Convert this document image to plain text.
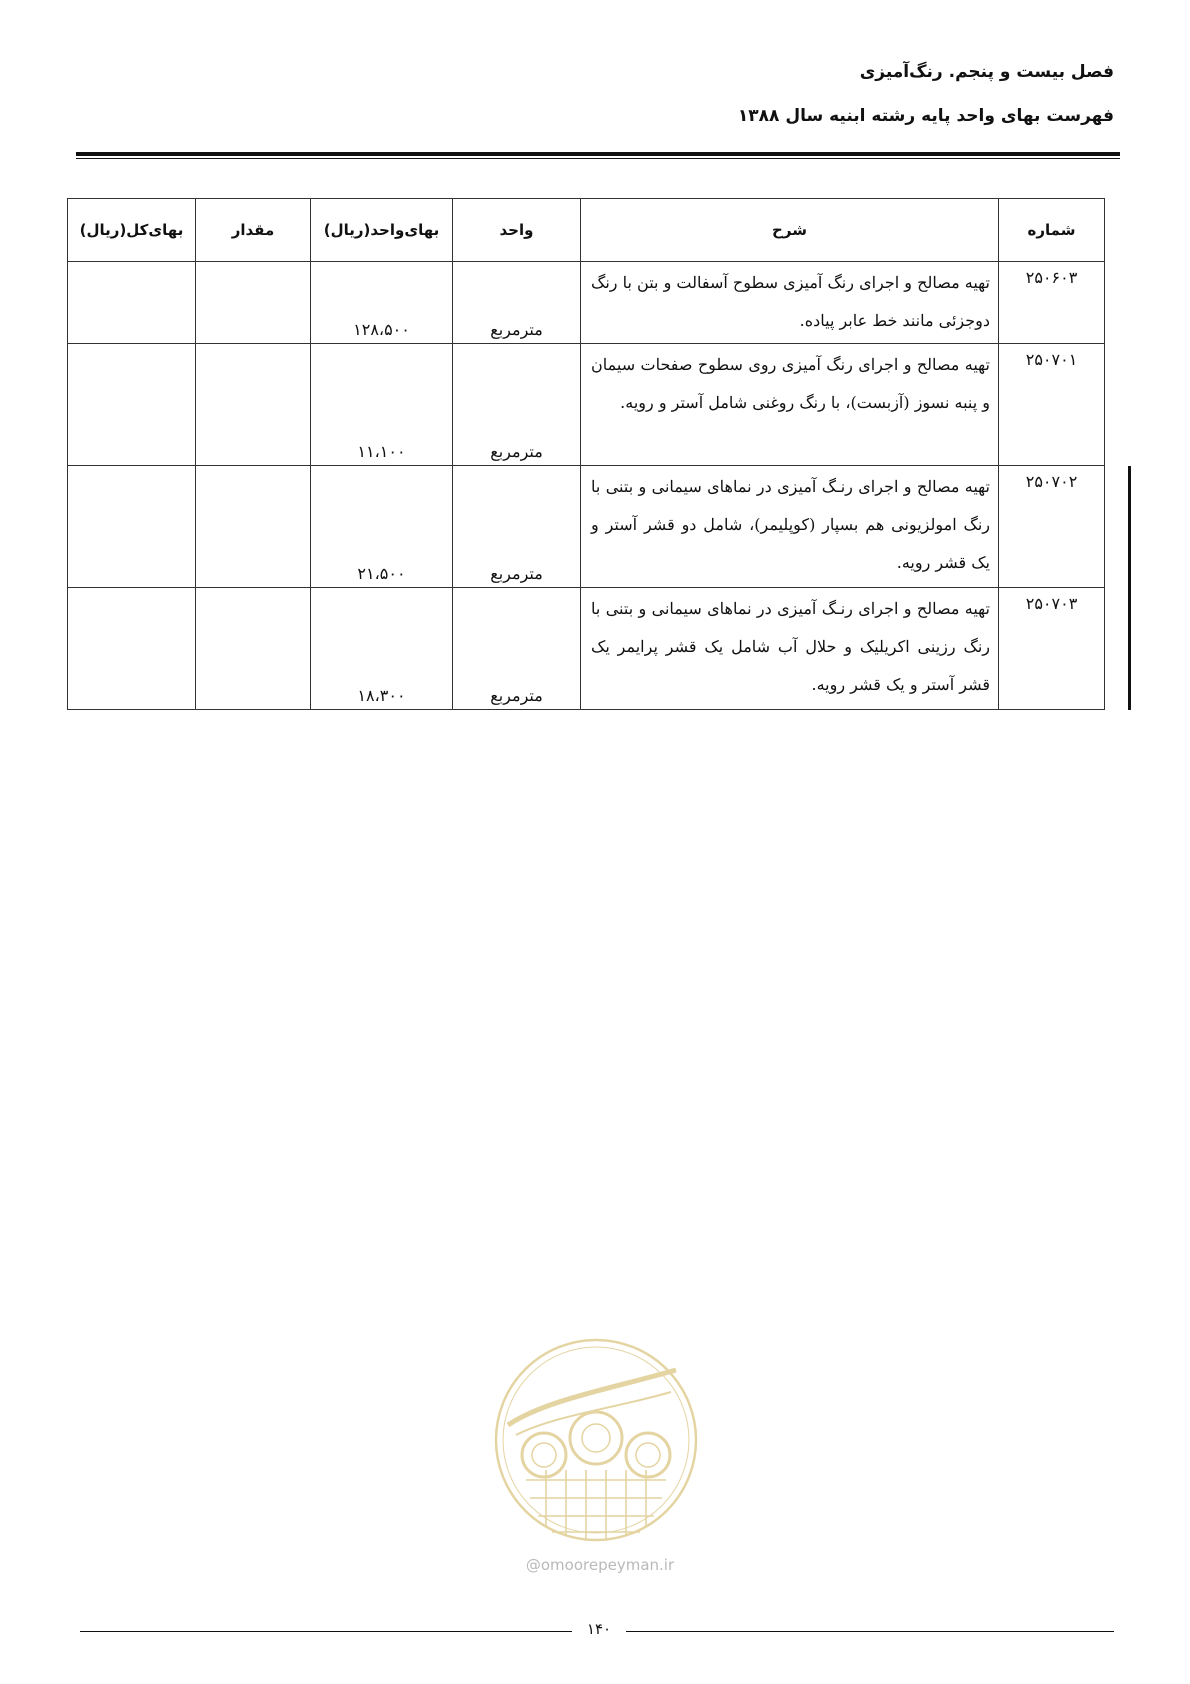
فصل بیست و پنجم. رنگ‌آمیزی
فهرست بهای واحد پایه رشته ابنیه سال ۱۳۸۸
شماره	شرح	واحد	بهای‌واحد(ریال)	مقدار	بهای‌کل(ریال)
۲۵۰۶۰۳	تهیه مصالح و اجرای رنگ آمیزی سطوح آسفالت و بتن با رنگ دوجزئی مانند خط عابر پیاده.	مترمربع	۱۲۸،۵۰۰		
۲۵۰۷۰۱	تهیه مصالح و اجرای رنگ آمیزی روی سطوح صفحات سیمان و پنبه نسوز (آزبست)، با رنگ روغنی شامل آستر و رویه.	مترمربع	۱۱،۱۰۰		
۲۵۰۷۰۲	تهیه مصالح و اجرای رنـگ آمیزی در نماهای سیمانی و بتنی با رنگ امولزیونی هم بسپار (کوپلیمر)، شامل دو قشر آستر و یک قشر رویه.	مترمربع	۲۱،۵۰۰		
۲۵۰۷۰۳	تهیه مصالح و اجرای رنـگ آمیزی در نماهای سیمانی و بتنی با رنگ رزینی اکریلیک و حلال آب شامل یک قشر پرایمر یک قشر آستر و یک قشر رویه.	مترمربع	۱۸،۳۰۰		
@omoorepeyman.ir
۱۴۰
